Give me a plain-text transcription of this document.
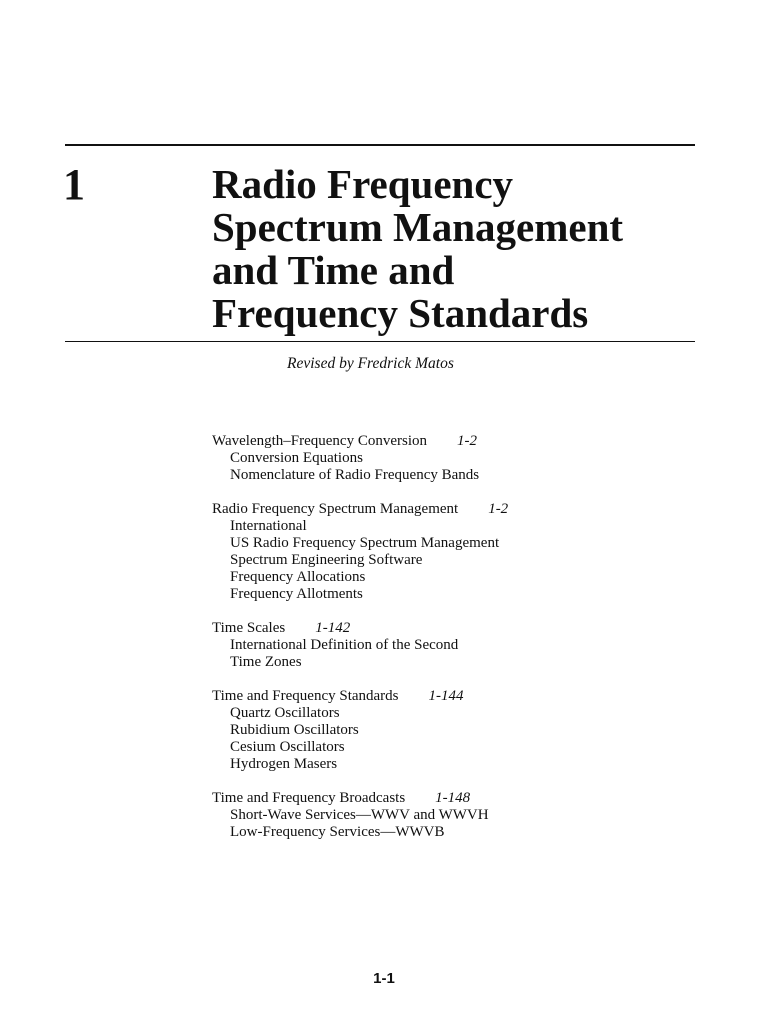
1	Radio Frequency
Spectrum Management
and Time and
Frequency Standards
Revised by Fredrick Matos
Wavelength–Frequency Conversion 1-2
Conversion Equations
Nomenclature of Radio Frequency Bands
Radio Frequency Spectrum Management 1-2
International
US Radio Frequency Spectrum Management
Spectrum Engineering Software
Frequency Allocations
Frequency Allotments
Time Scales 1-142
International Definition of the Second
Time Zones
Time and Frequency Standards 1-144
Quartz Oscillators
Rubidium Oscillators
Cesium Oscillators
Hydrogen Masers
Time and Frequency Broadcasts 1-148
Short-Wave Services—WWV and WWVH
Low-Frequency Services—WWVB
1-1
